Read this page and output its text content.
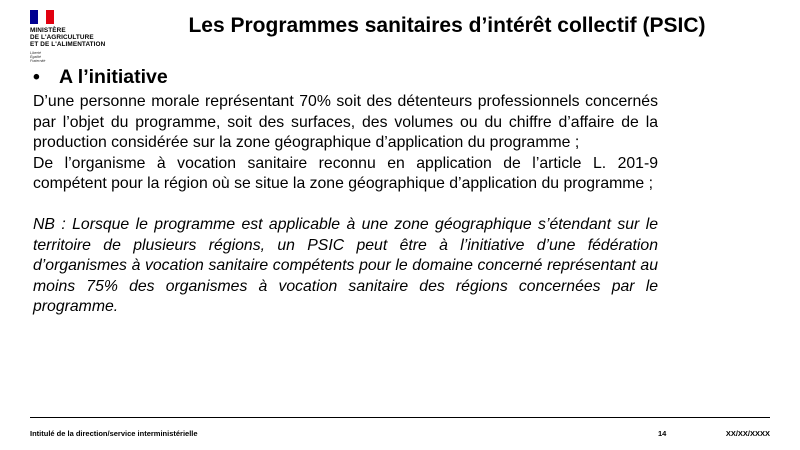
MINISTÈRE
DE L'AGRICULTURE
ET DE L'ALIMENTATION
Liberté
Égalité
Fraternité
Les Programmes sanitaires d’intérêt collectif (PSIC)
• A l’initiative

D’une personne morale représentant 70% soit des détenteurs professionnels concernés par l’objet du programme, soit des surfaces, des volumes ou du chiffre d’affaire de la production considérée sur la zone géographique d’application du programme ;

De l’organisme à vocation sanitaire reconnu en application de l’article L. 201-9 compétent pour la région où se situe la zone géographique d’application du programme ;

NB : Lorsque le programme est applicable à une zone géographique s’étendant sur le territoire de plusieurs régions, un PSIC peut être à l’initiative d’une fédération d’organismes à vocation sanitaire compétents pour le domaine concerné représentant au moins 75% des organismes à vocation sanitaire des régions concernées par le programme.

Intitulé de la direction/service interministérielle	14	XX/XX/XXXX
